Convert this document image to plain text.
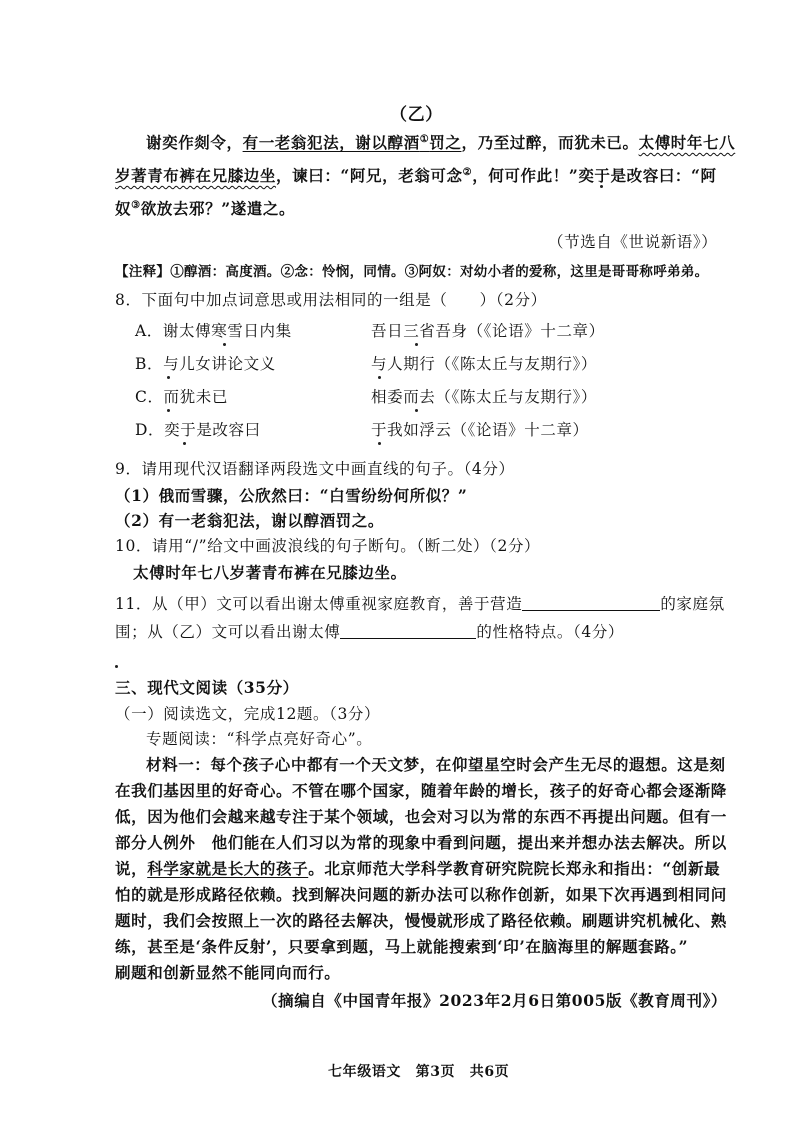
（乙）
谢奕作剡令，有一老翁犯法，谢以醇酒①罚之，乃至过醉，而犹未已。太傅时年七八
岁著青布裤在兄膝边坐，谏曰：“阿兄，老翁可念②，何可作此！”奕于是改容曰：“阿
奴③欲放去邪？”遂遣之。
（节选自《世说新语》）
【注释】①醇酒：高度酒。②念：怜悯，同情。③阿奴：对幼小者的爱称，这里是哥哥称呼弟弟。
8．下面句中加点词意思或用法相同的一组是（　　）（2分）
A．谢太傅寒雪日内集	吾日三省吾身（《论语》十二章）
B．与儿女讲论文义	与人期行（《陈太丘与友期行》）
C．而犹未已	相委而去（《陈太丘与友期行》）
D．奕于是改容曰	于我如浮云（《论语》十二章）
9．请用现代汉语翻译两段选文中画直线的句子。（4分）
（1）俄而雪骤，公欣然曰：“白雪纷纷何所似？”
（2）有一老翁犯法，谢以醇酒罚之。
10．请用“/”给文中画波浪线的句子断句。（断二处）（2分）
太傅时年七八岁著青布裤在兄膝边坐。
11．从（甲）文可以看出谢太傅重视家庭教育，善于营造	的家庭氛
围；从（乙）文可以看出谢太傅	的性格特点。（4分）
三、现代文阅读（35分）
（一）阅读选文，完成12题。（3分）
专题阅读：“科学点亮好奇心”。
材料一：每个孩子心中都有一个天文梦，在仰望星空时会产生无尽的遐想。这是刻
在我们基因里的好奇心。不管在哪个国家，随着年龄的增长，孩子的好奇心都会逐渐降
低，因为他们会越来越专注于某个领域，也会对习以为常的东西不再提出问题。但有一
部分人例外　他们能在人们习以为常的现象中看到问题，提出来并想办法去解决。所以
说，科学家就是长大的孩子。北京师范大学科学教育研究院院长郑永和指出：“创新最
怕的就是形成路径依赖。找到解决问题的新办法可以称作创新，如果下次再遇到相同问
题时，我们会按照上一次的路径去解决，慢慢就形成了路径依赖。刷题讲究机械化、熟
练，甚至是‘条件反射’，只要拿到题，马上就能搜索到‘印’在脑海里的解题套路。”
刷题和创新显然不能同向而行。
（摘编自《中国青年报》2023年2月6日第005版《教育周刊》）
七年级语文　第3页　共6页
